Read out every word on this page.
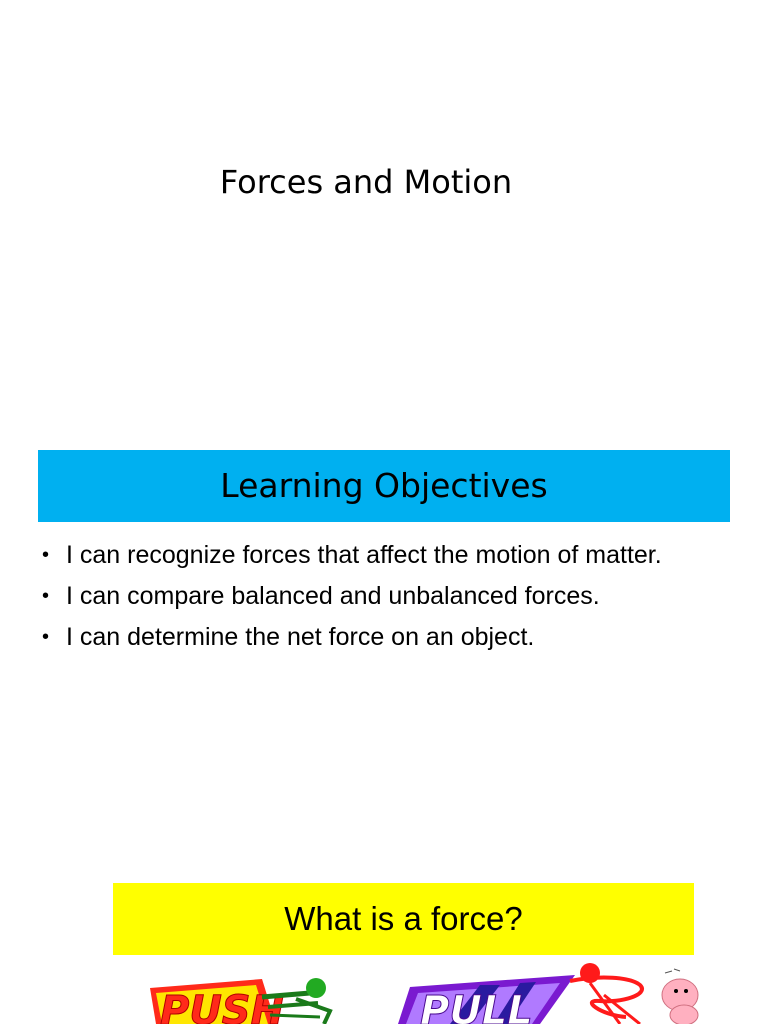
Forces and Motion
Learning Objectives
• I can recognize forces that affect the motion of matter.
• I can compare balanced and unbalanced forces.
• I can determine the net force on an object.
What is a force?
PUSH	PULL
